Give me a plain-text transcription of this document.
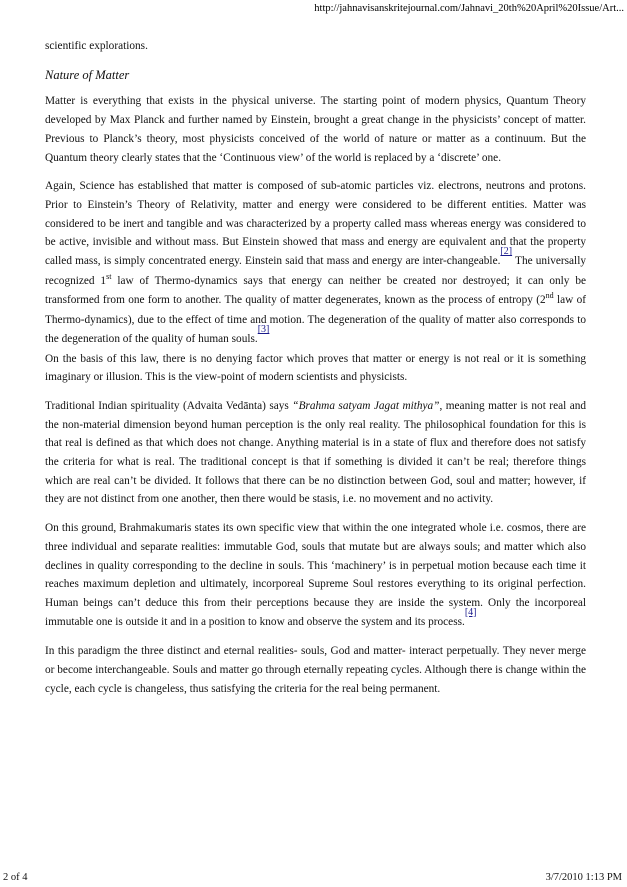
http://jahnavisanskritejournal.com/Jahnavi_20th%20April%20Issue/Art...

scientific explorations.

Nature of Matter

Matter is everything that exists in the physical universe. The starting point of modern physics, Quantum Theory developed by Max Planck and further named by Einstein, brought a great change in the physicists’ concept of matter. Previous to Planck’s theory, most physicists conceived of the world of nature or matter as a continuum. But the Quantum theory clearly states that the ‘Continuous view’ of the world is replaced by a ‘discrete’ one.

Again, Science has established that matter is composed of sub-atomic particles viz. electrons, neutrons and protons. Prior to Einstein’s Theory of Relativity, matter and energy were considered to be different entities. Matter was considered to be inert and tangible and was characterized by a property called mass whereas energy was considered to be active, invisible and without mass. But Einstein showed that mass and energy are equivalent and that the property called mass, is simply concentrated energy. Einstein said that mass and energy are inter-changeable.[2] The universally recognized 1st law of Thermo-dynamics says that energy can neither be created nor destroyed; it can only be transformed from one form to another. The quality of matter degenerates, known as the process of entropy (2nd law of Thermo-dynamics), due to the effect of time and motion. The degeneration of the quality of matter also corresponds to the degeneration of the quality of human souls.[3]

On the basis of this law, there is no denying factor which proves that matter or energy is not real or it is something imaginary or illusion. This is the view-point of modern scientists and physicists.

Traditional Indian spirituality (Advaita Vedānta) says “Brahma satyam Jagat mithya”, meaning matter is not real and the non-material dimension beyond human perception is the only real reality. The philosophical foundation for this is that real is defined as that which does not change. Anything material is in a state of flux and therefore does not satisfy the criteria for what is real. The traditional concept is that if something is divided it can’t be real; therefore things which are real can’t be divided. It follows that there can be no distinction between God, soul and matter; however, if they are not distinct from one another, then there would be stasis, i.e. no movement and no activity.

On this ground, Brahmakumaris states its own specific view that within the one integrated whole i.e. cosmos, there are three individual and separate realities: immutable God, souls that mutate but are always souls; and matter which also declines in quality corresponding to the decline in souls. This ‘machinery’ is in perpetual motion because each time it reaches maximum depletion and ultimately, incorporeal Supreme Soul restores everything to its original perfection. Human beings can’t deduce this from their perceptions because they are inside the system. Only the incorporeal immutable one is outside it and in a position to know and observe the system and its process.[4]

In this paradigm the three distinct and eternal realities- souls, God and matter- interact perpetually. They never merge or become interchangeable. Souls and matter go through eternally repeating cycles. Although there is change within the cycle, each cycle is changeless, thus satisfying the criteria for the real being permanent.

2 of 4	3/7/2010 1:13 PM
